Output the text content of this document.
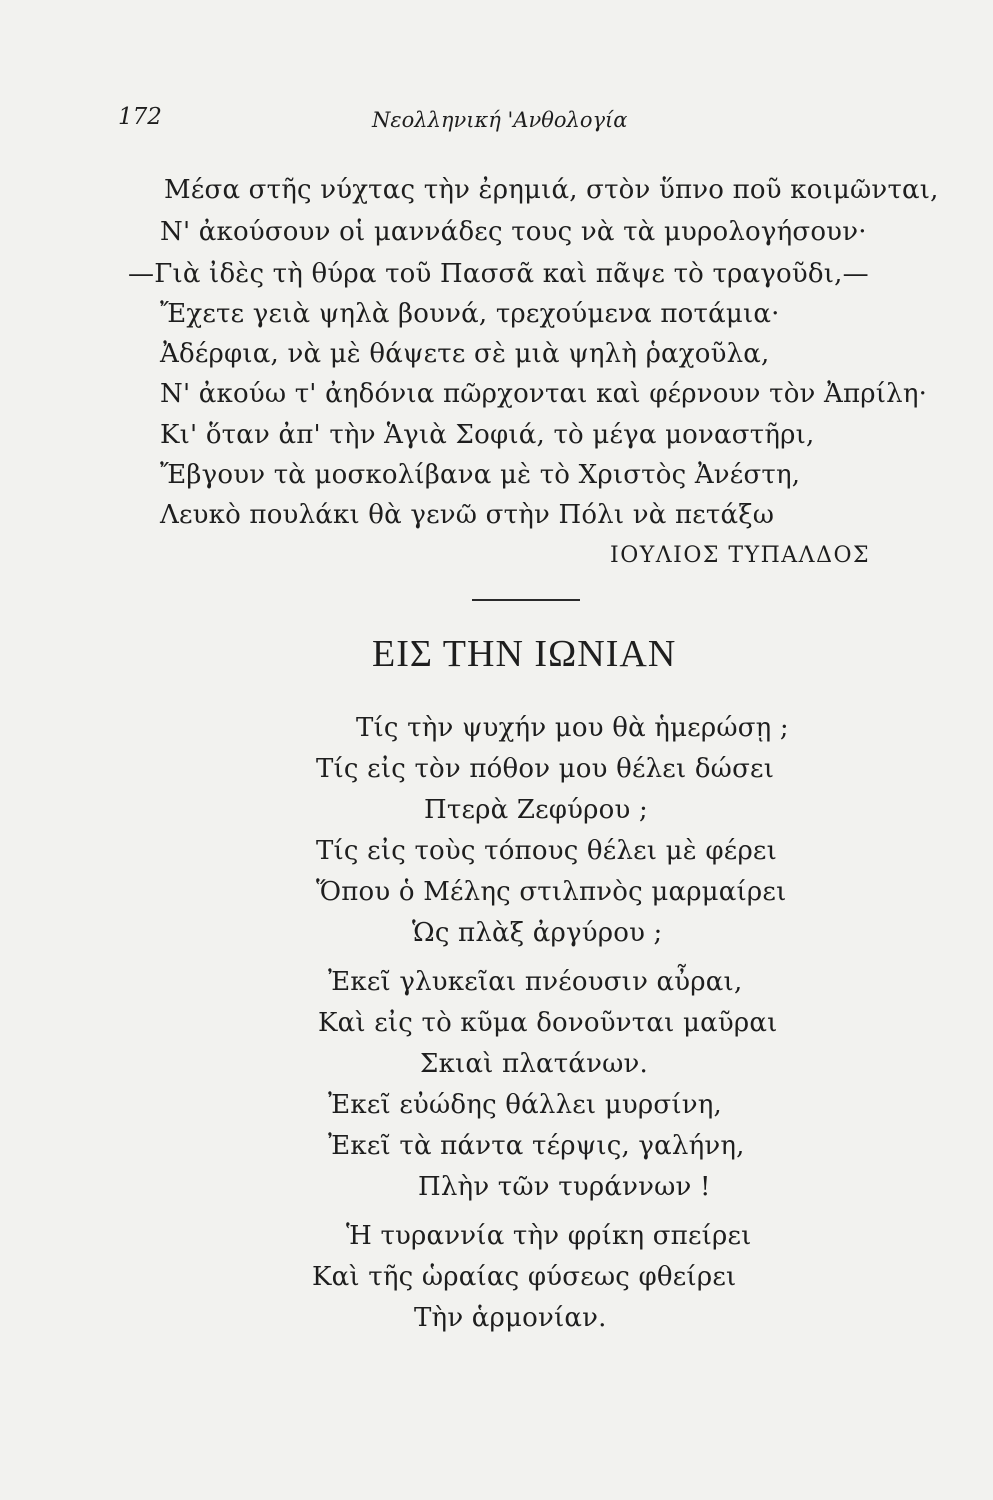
172	Νεολληνική 'Ανθολογία
Μέσα στῆς νύχτας τὴν ἐρημιά, στὸν ὕπνο ποῦ κοιμῶνται,
Ν' ἀκούσουν οἱ μαννάδες τους νὰ τὰ μυρολογήσουν·
—Γιὰ ἰδὲς τὴ θύρα τοῦ Πασσᾶ καὶ πᾶψε τὸ τραγοῦδι,—
Ἔχετε γειὰ ψηλὰ βουνά, τρεχούμενα ποτάμια·
Ἀδέρφια, νὰ μὲ θάψετε σὲ μιὰ ψηλὴ ῥαχοῦλα,
Ν' ἀκούω τ' ἀηδόνια πῶρχονται καὶ φέρνουν τὸν Ἀπρίλη·
Κι' ὅταν ἀπ' τὴν Ἁγιὰ Σοφιά, τὸ μέγα μοναστῆρι,
Ἔβγουν τὰ μοσκολίβανα μὲ τὸ Χριστὸς Ἀνέστη,
Λευκὸ πουλάκι θὰ γενῶ στὴν Πόλι νὰ πετάξω
ΙΟΥΛΙΟΣ ΤΥΠΑΛΔΟΣ
ΕΙΣ ΤΗΝ ΙΩΝΙΑΝ
Τίς τὴν ψυχήν μου θὰ ἡμερώσῃ ;
Τίς εἰς τὸν πόθον μου θέλει δώσει
Πτερὰ Ζεφύρου ;
Τίς εἰς τοὺς τόπους θέλει μὲ φέρει
Ὅπου ὁ Μέλης στιλπνὸς μαρμαίρει
Ὡς πλὰξ ἀργύρου ;
Ἐκεῖ γλυκεῖαι πνέουσιν αὖραι,
Καὶ εἰς τὸ κῦμα δονοῦνται μαῦραι
Σκιαὶ πλατάνων.
Ἐκεῖ εὐώδης θάλλει μυρσίνη,
Ἐκεῖ τὰ πάντα τέρψις, γαλήνη,
Πλὴν τῶν τυράννων !
Ἡ τυραννία τὴν φρίκη σπείρει
Καὶ τῆς ὡραίας φύσεως φθείρει
Τὴν ἁρμονίαν.
